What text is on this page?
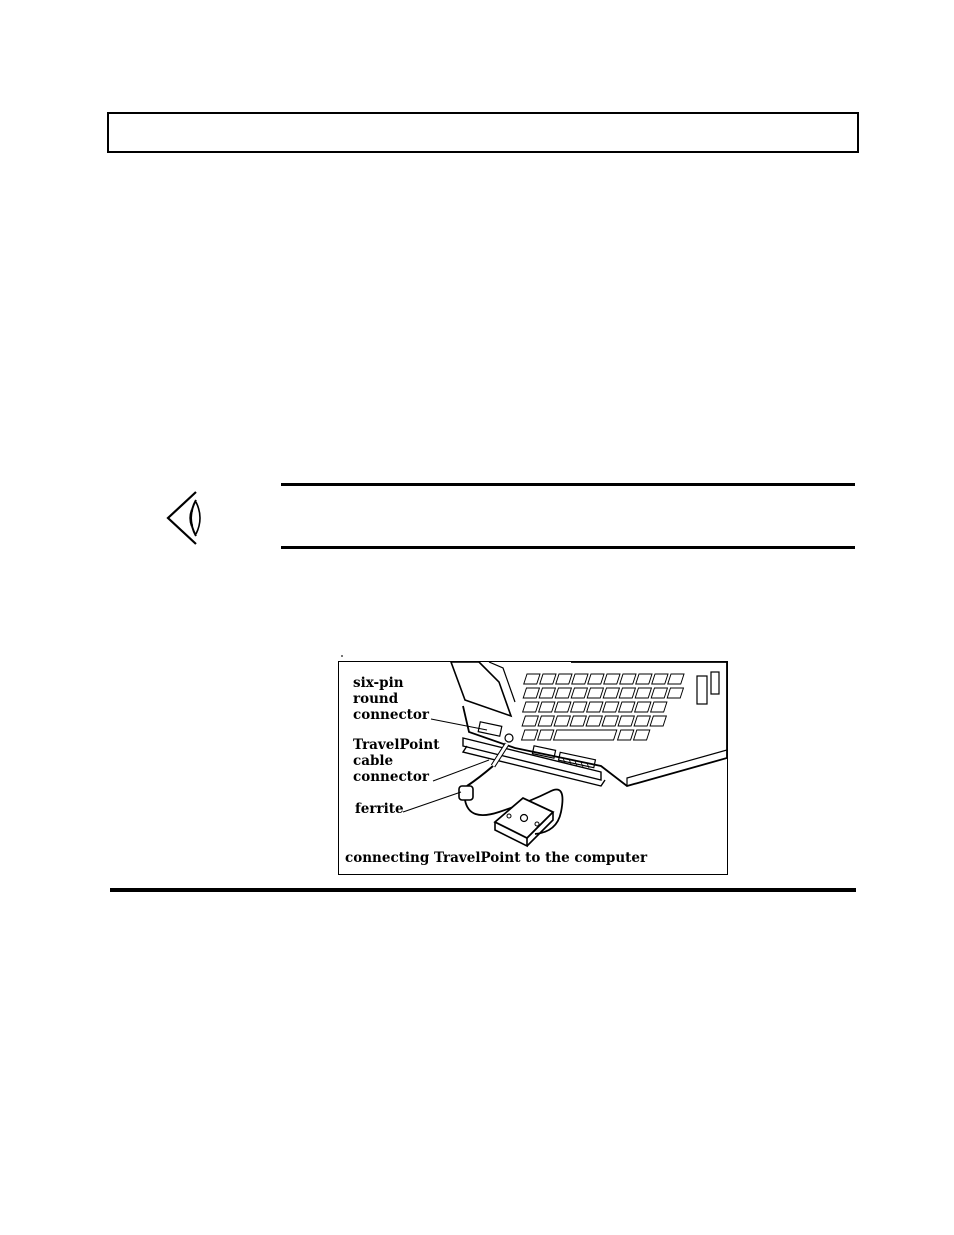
six-pin
round
connector
TravelPoint
cable
connector
ferrite
connecting TravelPoint to the computer
